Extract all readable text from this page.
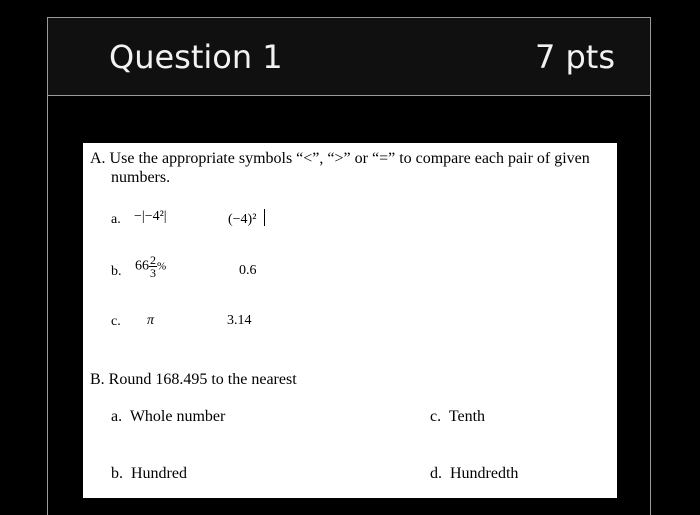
Question 1	7 pts
A. Use the appropriate symbols “<”, “>” or “=” to compare each pair of given
numbers.
a. −|−4²|	(−4)²
b. $66 \frac{2}{3}$ %	0.6
c. π	3.14
B. Round 168.495 to the nearest
a. Whole number	c. Tenth
b. Hundred	d. Hundredth
